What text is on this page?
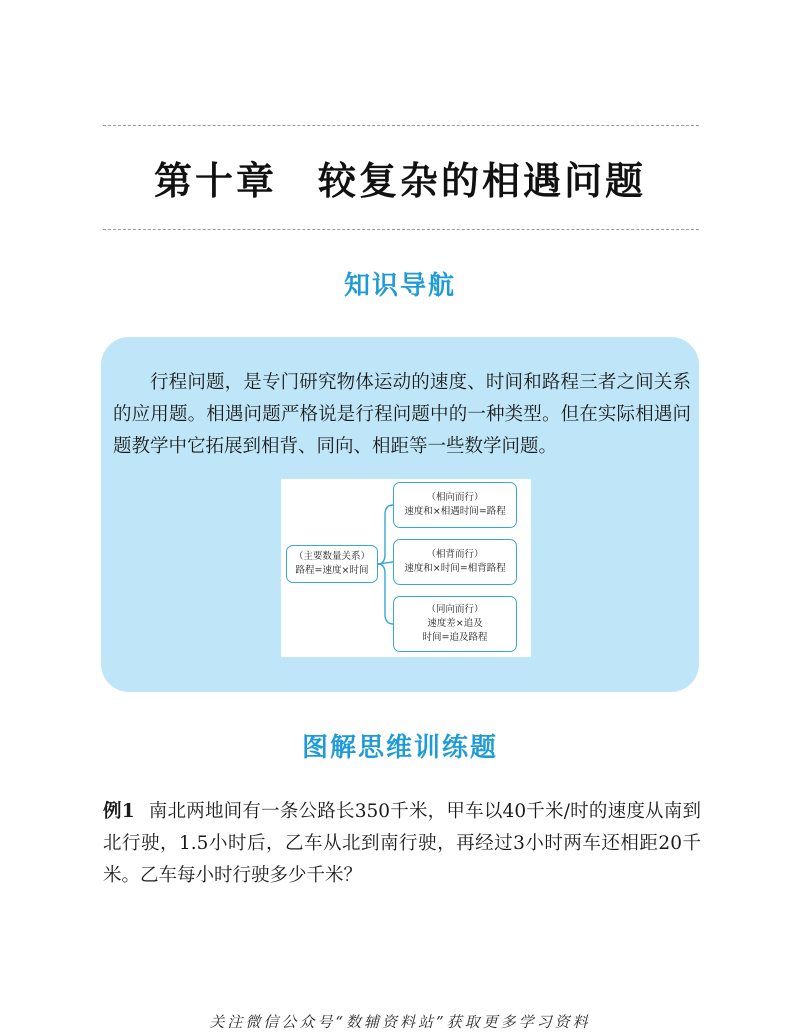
第十章　较复杂的相遇问题
知识导航
行程问题，是专门研究物体运动的速度、时间和路程三者之间关系的应用题。相遇问题严格说是行程问题中的一种类型。但在实际相遇问题教学中它拓展到相背、同向、相距等一些数学问题。
（主要数量关系）
路程=速度×时间
（相向而行）
速度和×相遇时间=路程
（相背而行）
速度和×时间=相背路程
（同向而行）
速度差×追及
时间=追及路程
图解思维训练题
例1 南北两地间有一条公路长350千米，甲车以40千米/时的速度从南到北行驶，1.5小时后，乙车从北到南行驶，再经过3小时两车还相距20千米。乙车每小时行驶多少千米？
关注微信公众号“数辅资料站”获取更多学习资料
